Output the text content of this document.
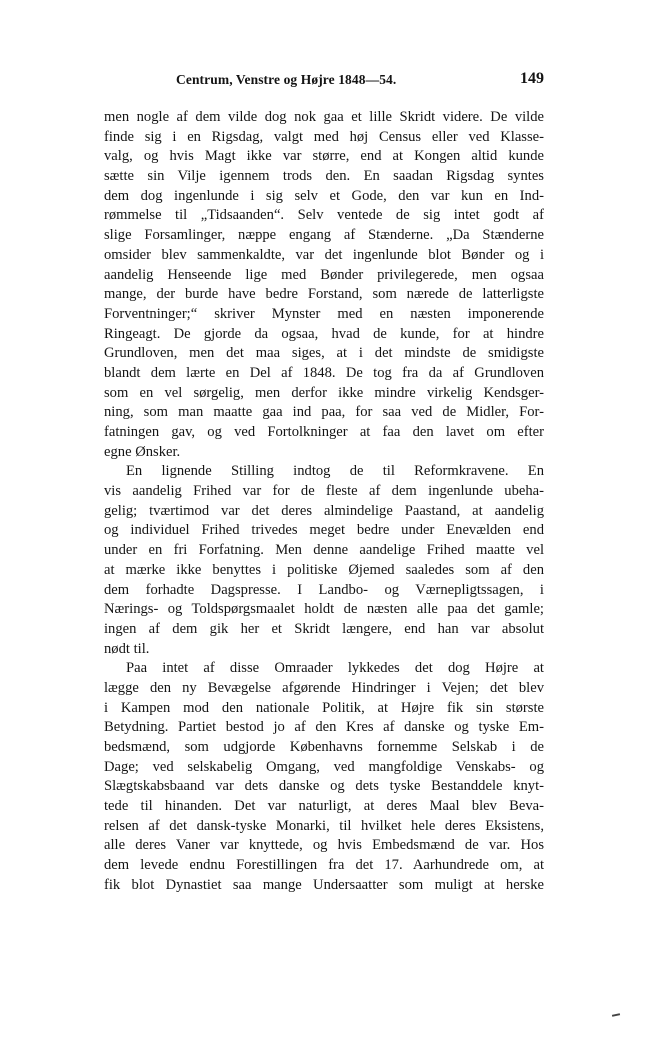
Centrum, Venstre og Højre 1848—54.	149
men nogle af dem vilde dog nok gaa et lille Skridt videre. De vilde
finde sig i en Rigsdag, valgt med høj Census eller ved Klasse-
valg, og hvis Magt ikke var større, end at Kongen altid kunde
sætte sin Vilje igennem trods den. En saadan Rigsdag syntes
dem dog ingenlunde i sig selv et Gode, den var kun en Ind-
rømmelse til „Tidsaanden“. Selv ventede de sig intet godt af
slige Forsamlinger, næppe engang af Stænderne. „Da Stænderne
omsider blev sammenkaldte, var det ingenlunde blot Bønder og i
aandelig Henseende lige med Bønder privilegerede, men ogsaa
mange, der burde have bedre Forstand, som nærede de latterligste
Forventninger;“ skriver Mynster med en næsten imponerende
Ringeagt. De gjorde da ogsaa, hvad de kunde, for at hindre
Grundloven, men det maa siges, at i det mindste de smidigste
blandt dem lærte en Del af 1848. De tog fra da af Grundloven
som en vel sørgelig, men derfor ikke mindre virkelig Kendsger-
ning, som man maatte gaa ind paa, for saa ved de Midler, For-
fatningen gav, og ved Fortolkninger at faa den lavet om efter
egne Ønsker.
En lignende Stilling indtog de til Reformkravene. En
vis aandelig Frihed var for de fleste af dem ingenlunde ubeha-
gelig; tværtimod var det deres almindelige Paastand, at aandelig
og individuel Frihed trivedes meget bedre under Enevælden end
under en fri Forfatning. Men denne aandelige Frihed maatte vel
at mærke ikke benyttes i politiske Øjemed saaledes som af den
dem forhadte Dagspresse. I Landbo- og Værnepligtssagen, i
Nærings- og Toldspørgsmaalet holdt de næsten alle paa det gamle;
ingen af dem gik her et Skridt længere, end han var absolut
nødt til.
Paa intet af disse Omraader lykkedes det dog Højre at
lægge den ny Bevægelse afgørende Hindringer i Vejen; det blev
i Kampen mod den nationale Politik, at Højre fik sin største
Betydning. Partiet bestod jo af den Kres af danske og tyske Em-
bedsmænd, som udgjorde Københavns fornemme Selskab i de
Dage; ved selskabelig Omgang, ved mangfoldige Venskabs- og
Slægtskabsbaand var dets danske og dets tyske Bestanddele knyt-
tede til hinanden. Det var naturligt, at deres Maal blev Beva-
relsen af det dansk-tyske Monarki, til hvilket hele deres Eksistens,
alle deres Vaner var knyttede, og hvis Embedsmænd de var. Hos
dem levede endnu Forestillingen fra det 17. Aarhundrede om, at
fik blot Dynastiet saa mange Undersaatter som muligt at herske
